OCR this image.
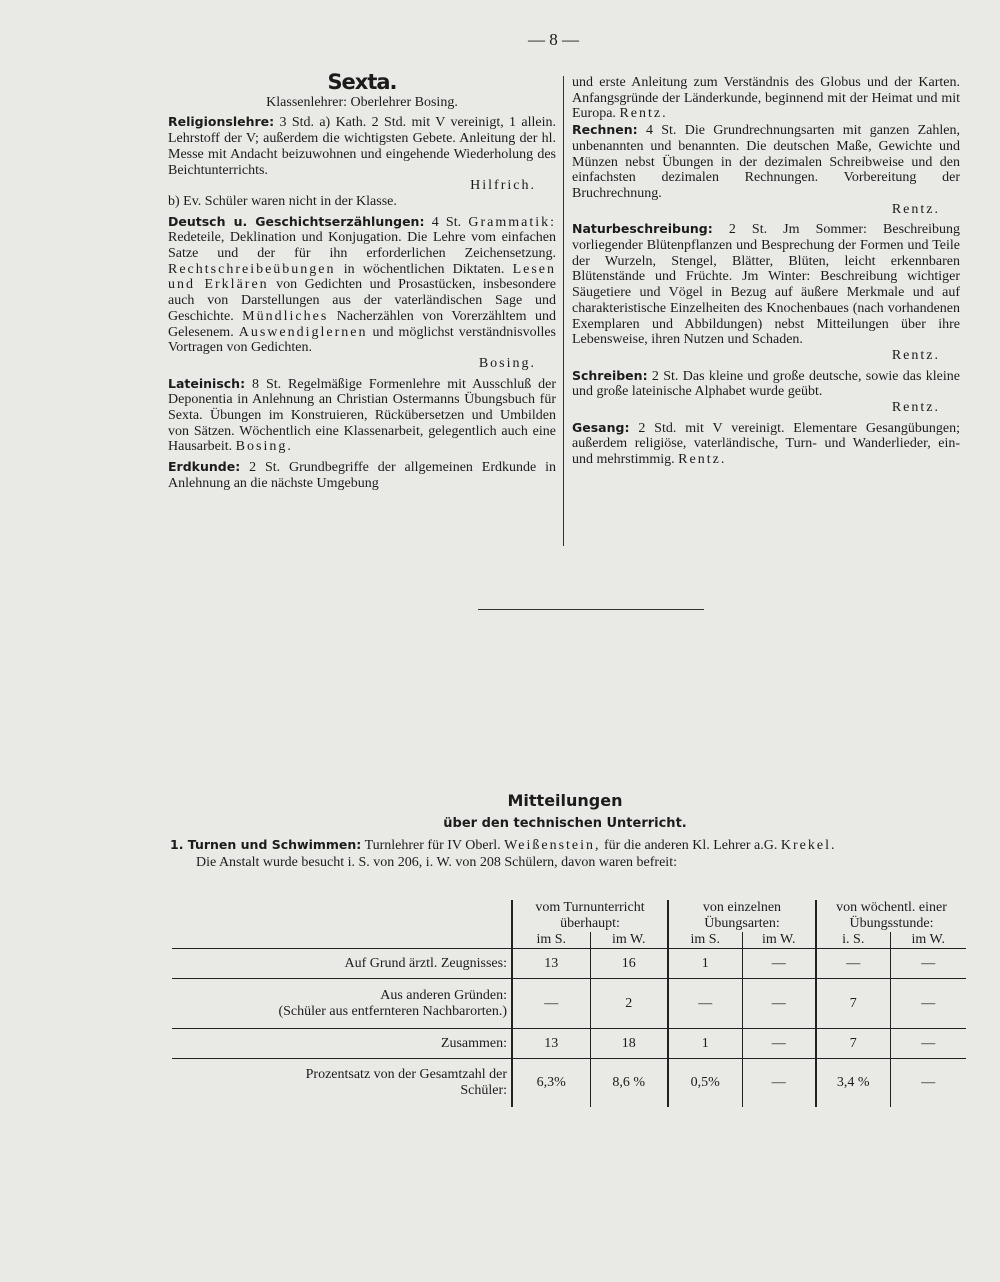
— 8 —
Sexta.

Klassenlehrer: Oberlehrer Bosing.

Religionslehre: 3 Std. a) Kath. 2 Std. mit V vereinigt, 1 allein. Lehrstoff der V; außerdem die wichtigsten Gebete. Anleitung der hl. Messe mit Andacht beizuwohnen und eingehende Wiederholung des Beichtunterrichts.

Hilfrich.

b) Ev. Schüler waren nicht in der Klasse.

Deutsch u. Geschichtserzählungen: 4 St. Grammatik: Redeteile, Deklination und Konjugation. Die Lehre vom einfachen Satze und der für ihn erforderlichen Zeichensetzung. Rechtschreibeübungen in wöchentlichen Diktaten. Lesen und Erklären von Gedichten und Prosastücken, insbesondere auch von Darstellungen aus der vaterländischen Sage und Geschichte. Mündliches Nacherzählen von Vorerzähltem und Gelesenem. Auswendiglernen und möglichst verständnisvolles Vortragen von Gedichten.

Bosing.

Lateinisch: 8 St. Regelmäßige Formenlehre mit Ausschluß der Deponentia in Anlehnung an Christian Ostermanns Übungsbuch für Sexta. Übungen im Konstruieren, Rückübersetzen und Umbilden von Sätzen. Wöchentlich eine Klassenarbeit, gelegentlich auch eine Hausarbeit. Bosing.

Erdkunde: 2 St. Grundbegriffe der allgemeinen Erdkunde in Anlehnung an die nächste Umgebung

und erste Anleitung zum Verständnis des Globus und der Karten. Anfangsgründe der Länderkunde, beginnend mit der Heimat und mit Europa. Rentz.

Rechnen: 4 St. Die Grundrechnungsarten mit ganzen Zahlen, unbenannten und benannten. Die deutschen Maße, Gewichte und Münzen nebst Übungen in der dezimalen Schreibweise und den einfachsten dezimalen Rechnungen. Vorbereitung der Bruchrechnung.

Rentz.

Naturbeschreibung: 2 St. Jm Sommer: Beschreibung vorliegender Blütenpflanzen und Besprechung der Formen und Teile der Wurzeln, Stengel, Blätter, Blüten, leicht erkennbaren Blütenstände und Früchte. Jm Winter: Beschreibung wichtiger Säugetiere und Vögel in Bezug auf äußere Merkmale und auf charakteristische Einzelheiten des Knochenbaues (nach vorhandenen Exemplaren und Abbildungen) nebst Mitteilungen über ihre Lebensweise, ihren Nutzen und Schaden.

Rentz.

Schreiben: 2 St. Das kleine und große deutsche, sowie das kleine und große lateinische Alphabet wurde geübt.

Rentz.

Gesang: 2 Std. mit V vereinigt. Elementare Gesangübungen; außerdem religiöse, vaterländische, Turn- und Wanderlieder, ein- und mehrstimmig. Rentz.

Mitteilungen
über den technischen Unterricht.

1. Turnen und Schwimmen: Turnlehrer für IV Oberl. Weißenstein, für die anderen Kl. Lehrer a.G. Krekel.

Die Anstalt wurde besucht i. S. von 206, i. W. von 208 Schülern, davon waren befreit:

	vom Turnunterricht überhaupt:		von einzelnen Übungsarten:		von wöchentl. einer Übungsstunde:	
	im S.	im W.	im S.	im W.	i. S.	im W.
Auf Grund ärztl. Zeugnisses:	13	16	1	—	—	—

Aus anderen Gründen:
(Schüler aus entfernteren Nachbarorten.)	—	2	—	—	7	—
Zusammen:	13	18	1	—	7	—

Prozentsatz von der Gesamtzahl der
Schüler:	6,3%	8,6 %	0,5%	—	3,4 %	—
